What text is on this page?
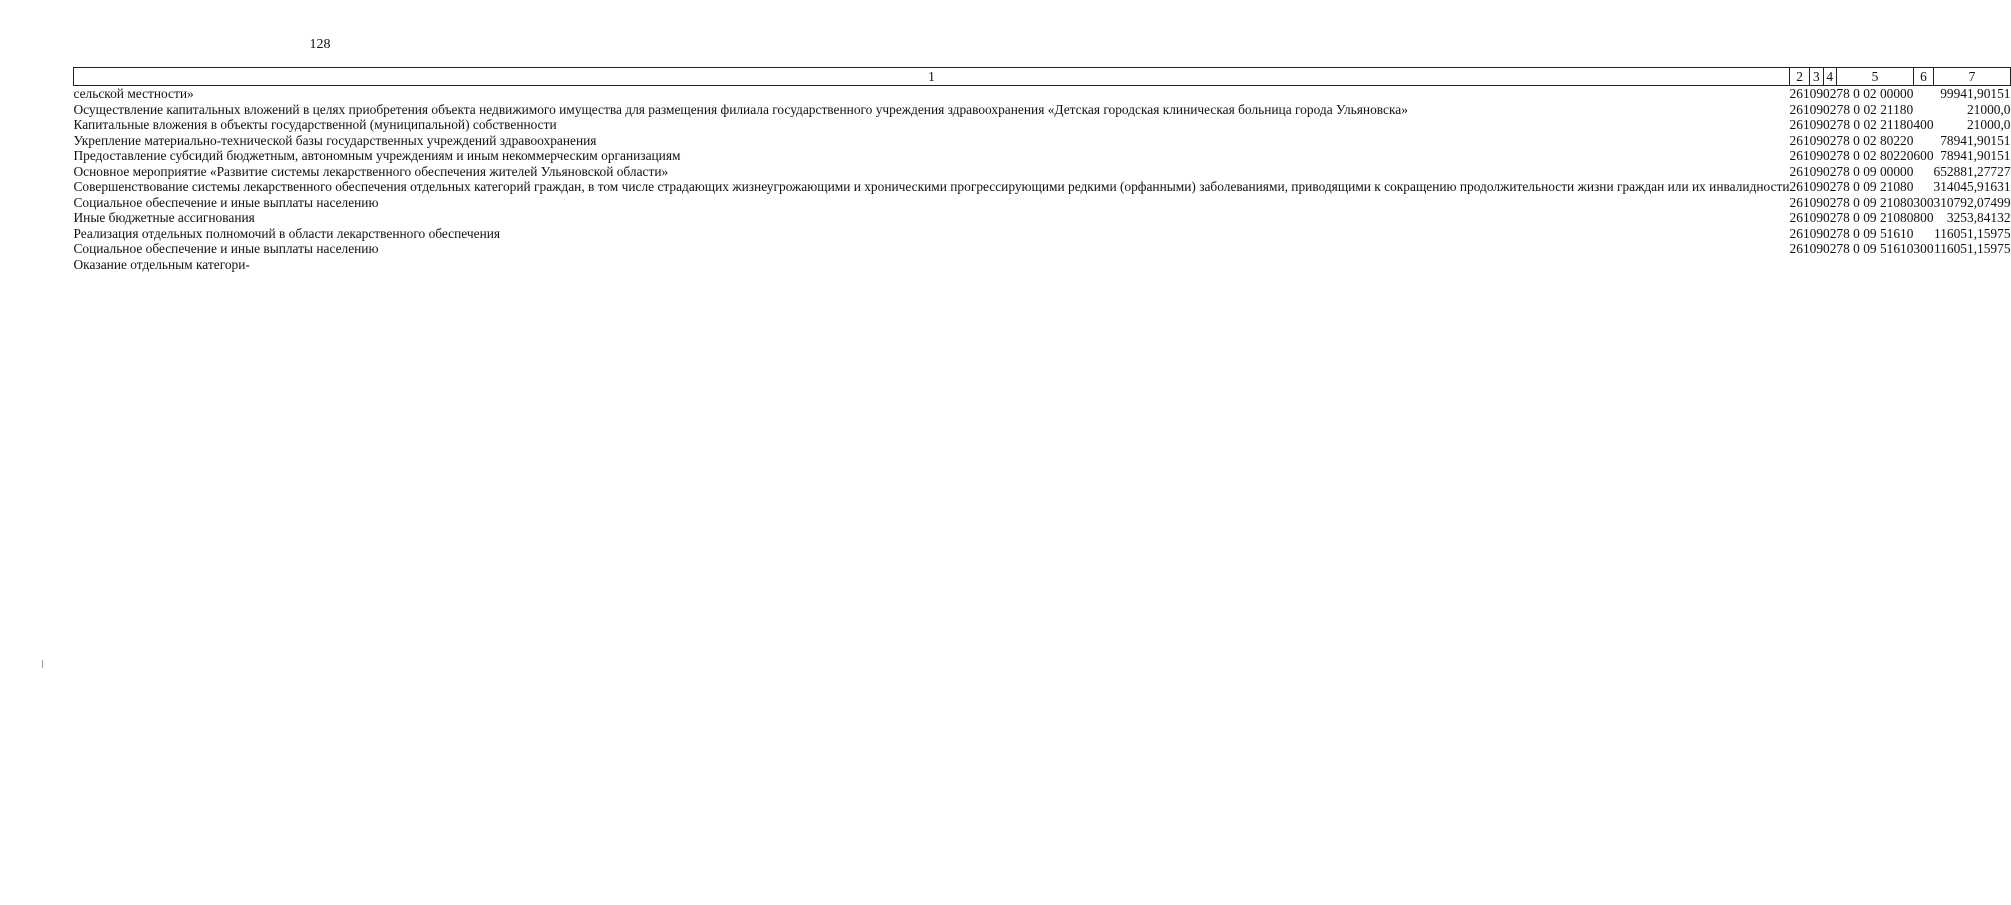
128
1	2	3	4	5	6	7
сельской местности»	261	09	02	78 0 02 00000		99941,90151
Осуществление капитальных вложений в целях приобретения объекта недвижимого имущества для размещения филиала государственного учреждения здравоохранения «Детская городская клиническая больница города Ульяновска»	261	09	02	78 0 02 21180		21000,0
Капитальные вложения в объекты государственной (муниципальной) собственности	261	09	02	78 0 02 21180	400	21000,0
Укрепление материально-технической базы государственных учреждений здравоохранения	261	09	02	78 0 02 80220		78941,90151
Предоставление субсидий бюджетным, автономным учреждениям и иным некоммерческим организациям	261	09	02	78 0 02 80220	600	78941,90151
Основное мероприятие «Развитие системы лекарственного обеспечения жителей Ульяновской области»	261	09	02	78 0 09 00000		652881,27727
Совершенствование системы лекарственного обеспечения отдельных категорий граждан, в том числе страдающих жизнеугрожающими и хроническими прогрессирующими редкими (орфанными) заболеваниями, приводящими к сокращению продолжительности жизни граждан или их инвалидности	261	09	02	78 0 09 21080		314045,91631
Социальное обеспечение и иные выплаты населению	261	09	02	78 0 09 21080	300	310792,07499
Иные бюджетные ассигнования	261	09	02	78 0 09 21080	800	3253,84132
Реализация отдельных полномочий в области лекарственного обеспечения	261	09	02	78 0 09 51610		116051,15975
Социальное обеспечение и иные выплаты населению	261	09	02	78 0 09 51610	300	116051,15975
Оказание отдельным категори-						
